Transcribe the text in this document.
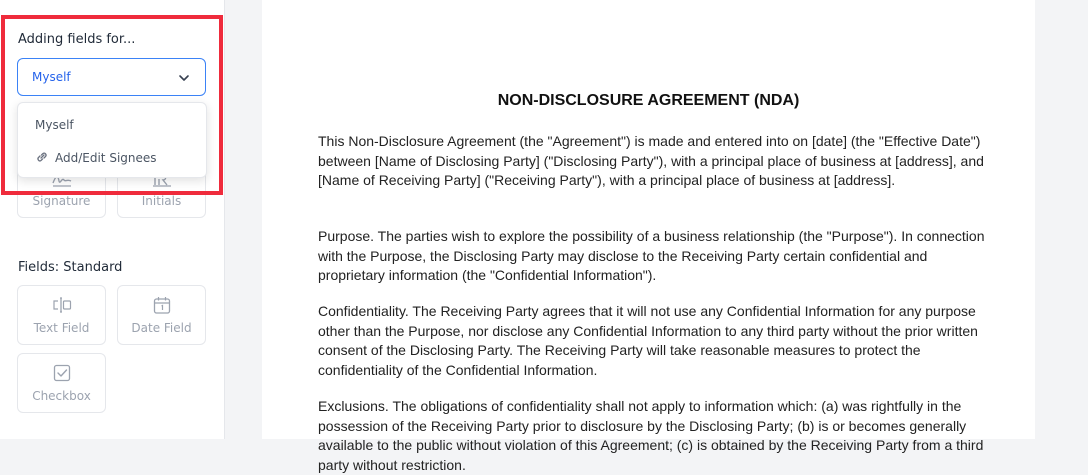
Adding fields for...
Myself
Signature	Initials
Myself
Add/Edit Signees
Fields: Standard
Text Field	Date Field
Checkbox
NON-DISCLOSURE AGREEMENT (NDA)
This Non-Disclosure Agreement (the "Agreement") is made and entered into on [date] (the "Effective Date") between [Name of Disclosing Party] ("Disclosing Party"), with a principal place of business at [address], and [Name of Receiving Party] ("Receiving Party"), with a principal place of business at [address].
Purpose. The parties wish to explore the possibility of a business relationship (the "Purpose"). In connection with the Purpose, the Disclosing Party may disclose to the Receiving Party certain confidential and proprietary information (the "Confidential Information").
Confidentiality. The Receiving Party agrees that it will not use any Confidential Information for any purpose other than the Purpose, nor disclose any Confidential Information to any third party without the prior written consent of the Disclosing Party. The Receiving Party will take reasonable measures to protect the confidentiality of the Confidential Information.
Exclusions. The obligations of confidentiality shall not apply to information which: (a) was rightfully in the possession of the Receiving Party prior to disclosure by the Disclosing Party; (b) is or becomes generally available to the public without violation of this Agreement; (c) is obtained by the Receiving Party from a third party without restriction.
